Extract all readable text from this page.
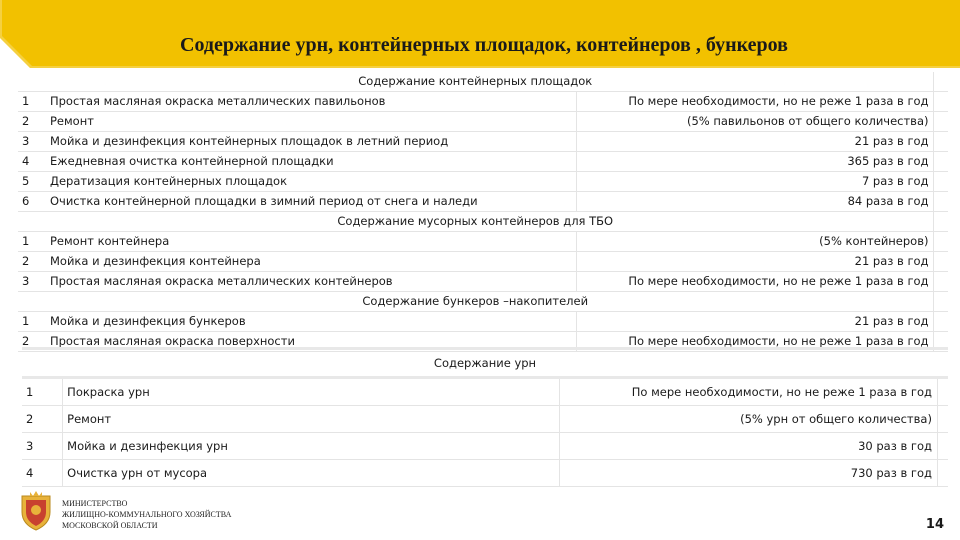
Содержание урн, контейнерных площадок, контейнеров , бункеров
Содержание контейнерных площадок			
1	Простая масляная окраска металлических павильонов	По мере необходимости, но не реже 1 раза в год	
2	Ремонт	(5% павильонов от общего количества)	
3	Мойка и дезинфекция контейнерных площадок в летний период	21 раз в год	
4	Ежедневная очистка контейнерной площадки	365 раз в год	
5	Дератизация контейнерных площадок	7 раз в год	
6	Очистка контейнерной площадки в зимний период от снега и наледи	84 раза в год	
Содержание мусорных контейнеров для ТБО			
1	Ремонт контейнера	(5% контейнеров)	
2	Мойка и дезинфекция контейнера	21 раз в год	
3	Простая масляная окраска металлических контейнеров	По мере необходимости, но не реже 1 раза в год	
Содержание бункеров –накопителей			
1	Мойка и дезинфекция бункеров	21 раз в год	
2	Простая масляная окраска поверхности	По мере необходимости, но не реже 1 раза в год	
Содержание урн			
1	Покраска урн	По мере необходимости, но не реже 1 раза в год	
2	Ремонт	(5% урн от общего количества)	
3	Мойка и дезинфекция урн	30 раз в год	
4	Очистка урн от мусора	730 раз в год	
МИНИСТЕРСТВО
ЖИЛИЩНО-КОММУНАЛЬНОГО ХОЗЯЙСТВА
МОСКОВСКОЙ ОБЛАСТИ	14
